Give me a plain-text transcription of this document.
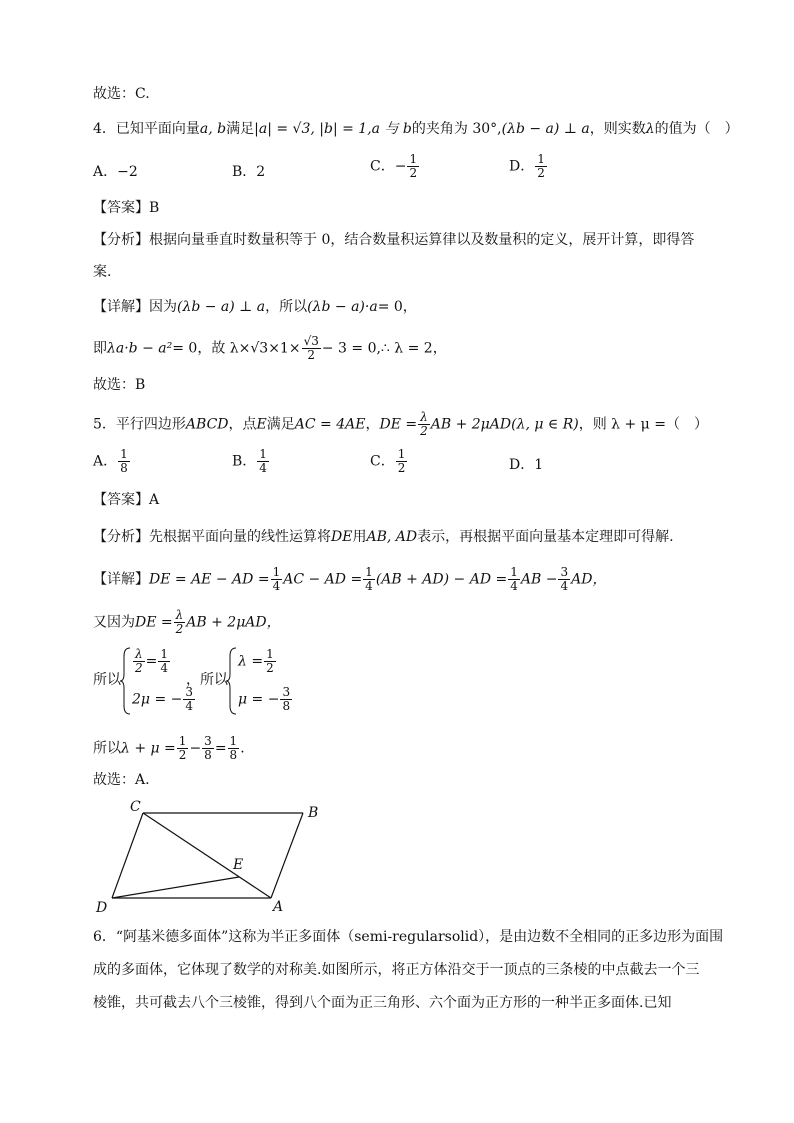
故选：C.
4．已知平面向量a, b满足|a| = √3, |b| = 1,a 与 b的夹角为 30°,(λb − a) ⊥ a，则实数λ的值为（　）
A．−2	B．2	C．− $\frac{1}{2}$	D． $\frac{1}{2}$
【答案】B
【分析】根据向量垂直时数量积等于 0，结合数量积运算律以及数量积的定义，展开计算，即得答
案.
【详解】因为(λb − a) ⊥ a，所以(λb − a)·a= 0，
即λa·b − a²= 0，故 $\lambda\times√3\times 1\times \frac{√3}{2} - 3$ = 0,∴ λ = 2，
故选：B
5．平行四边形ABCD，点E满足AC = 4AE，DE = $\frac{\lambda}{2}$ AB + 2μAD(λ, μ ∈ R)，则 λ + μ =（　）
A． $\frac{1}{8}$	B． $\frac{1}{4}$	C． $\frac{1}{2}$	D．1
【答案】A
【分析】先根据平面向量的线性运算将DE用AB, AD表示，再根据平面向量基本定理即可得解.
【详解】DE = AE − AD = $\frac{1}{4}$ AC − AD = $\frac{1}{4} (AB + AD)$ − AD = $\frac{1}{4}$ AB − $\frac{3}{4}$ AD，
又因为DE = $\frac{\lambda}{2}$ AB + 2μAD，
所以
$\frac{\lambda}{2} = \frac{1}{4}$
2μ = − $\frac{3}{4}$
，所以
$\lambda = \frac{1}{2}$
μ = − $\frac{3}{8}$
所以$\lambda + \mu = \frac{1}{2} - \frac{3}{8} = \frac{1}{8}$ .
故选：A.
C	B
D	A
E
6．“阿基米德多面体”这称为半正多面体（semi-regularsolid），是由边数不全相同的正多边形为面围
成的多面体，它体现了数学的对称美.如图所示，将正方体沿交于一顶点的三条棱的中点截去一个三
棱锥，共可截去八个三棱锥，得到八个面为正三角形、六个面为正方形的一种半正多面体.已知
